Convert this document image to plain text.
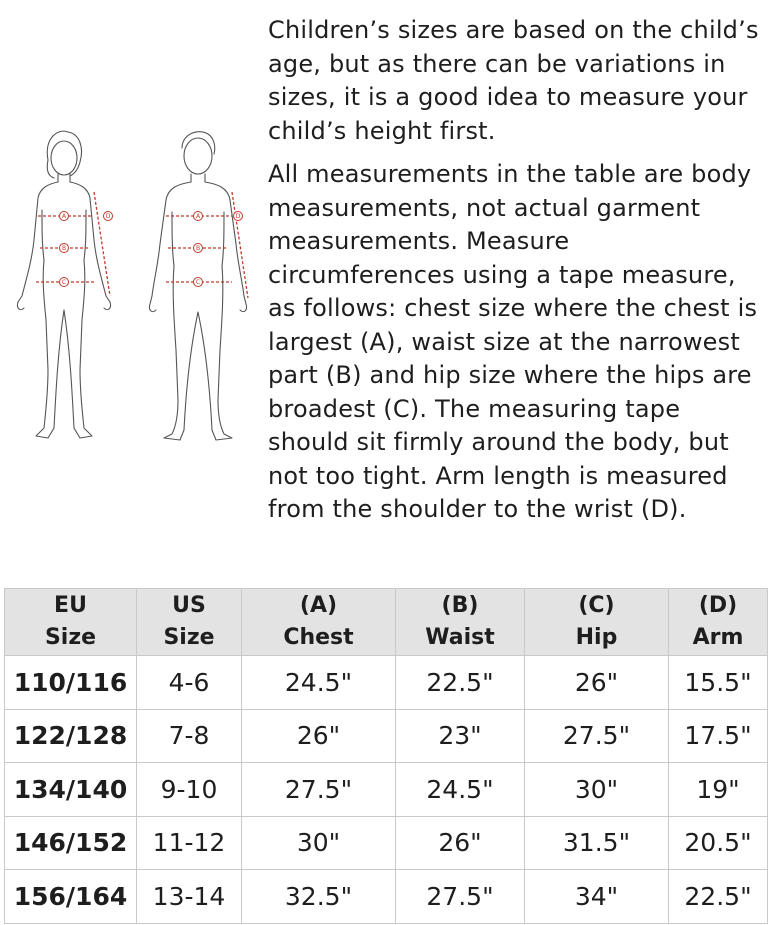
A
B
C
D	A
B
C
D

Children’s sizes are based on the child’s age, but as there can be variations in sizes, it is a good idea to measure your child’s height first.

All measurements in the table are body measurements, not actual garment measurements. Measure circumferences using a tape measure, as follows: chest size where the chest is largest (A), waist size at the narrowest part (B) and hip size where the hips are broadest (C). The measuring tape should sit firmly around the body, but not too tight. Arm length is measured from the shoulder to the wrist (D).

EU
Size	US
Size	(A)
Chest	(B)
Waist	(C)
Hip	(D)
Arm

110/116	4-6	24.5"	22.5"	26"	15.5"
122/128	7-8	26"	23"	27.5"	17.5"
134/140	9-10	27.5"	24.5"	30"	19"
146/152	11-12	30"	26"	31.5"	20.5"
156/164	13-14	32.5"	27.5"	34"	22.5"
